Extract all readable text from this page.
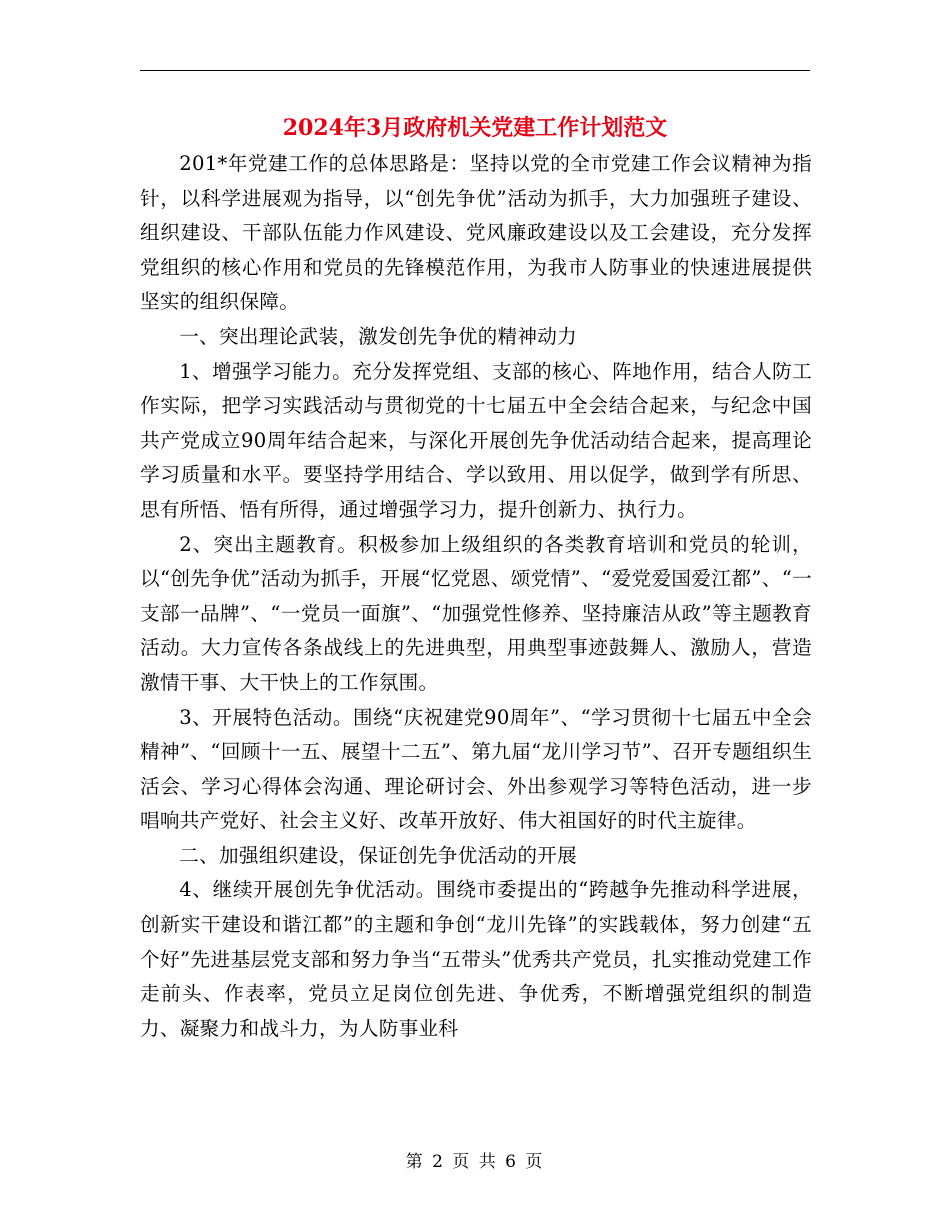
2024年3月政府机关党建工作计划范文

201*年党建工作的总体思路是：坚持以党的全市党建工作会议精神为指针，以科学进展观为指导，以“创先争优”活动为抓手，大力加强班子建设、组织建设、干部队伍能力作风建设、党风廉政建设以及工会建设，充分发挥党组织的核心作用和党员的先锋模范作用，为我市人防事业的快速进展提供坚实的组织保障。

一、突出理论武装，激发创先争优的精神动力

1、增强学习能力。充分发挥党组、支部的核心、阵地作用，结合人防工作实际，把学习实践活动与贯彻党的十七届五中全会结合起来，与纪念中国共产党成立90周年结合起来，与深化开展创先争优活动结合起来，提高理论学习质量和水平。要坚持学用结合、学以致用、用以促学，做到学有所思、思有所悟、悟有所得，通过增强学习力，提升创新力、执行力。

2、突出主题教育。积极参加上级组织的各类教育培训和党员的轮训，以“创先争优”活动为抓手，开展“忆党恩、颂党情”、“爱党爱国爱江都”、“一支部一品牌”、“一党员一面旗”、“加强党性修养、坚持廉洁从政”等主题教育活动。大力宣传各条战线上的先进典型，用典型事迹鼓舞人、激励人，营造激情干事、大干快上的工作氛围。

3、开展特色活动。围绕“庆祝建党90周年”、“学习贯彻十七届五中全会精神”、“回顾十一五、展望十二五”、第九届“龙川学习节”、召开专题组织生活会、学习心得体会沟通、理论研讨会、外出参观学习等特色活动，进一步唱响共产党好、社会主义好、改革开放好、伟大祖国好的时代主旋律。

二、加强组织建设，保证创先争优活动的开展

4、继续开展创先争优活动。围绕市委提出的“跨越争先推动科学进展，创新实干建设和谐江都”的主题和争创“龙川先锋”的实践载体，努力创建“五个好”先进基层党支部和努力争当“五带头”优秀共产党员，扎实推动党建工作走前头、作表率，党员立足岗位创先进、争优秀，不断增强党组织的制造力、凝聚力和战斗力，为人防事业科

第 2 页 共 6 页
